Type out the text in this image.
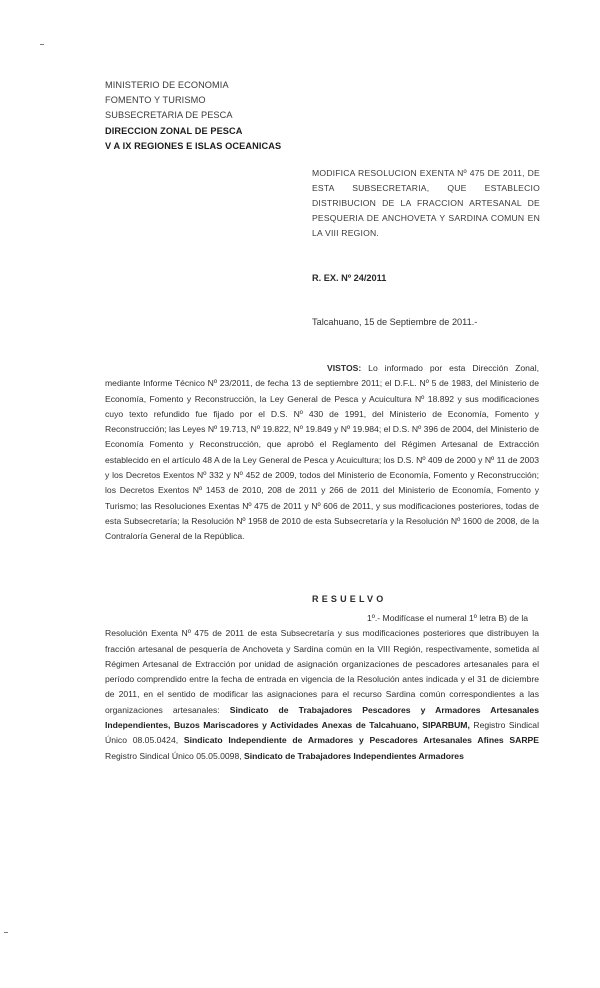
MINISTERIO DE ECONOMIA
FOMENTO Y TURISMO
SUBSECRETARIA DE PESCA
DIRECCION ZONAL DE PESCA
V A IX REGIONES E ISLAS OCEANICAS
MODIFICA RESOLUCION EXENTA Nº 475 DE 2011, DE ESTA SUBSECRETARIA, QUE ESTABLECIO DISTRIBUCION DE LA FRACCION ARTESANAL DE PESQUERIA DE ANCHOVETA Y SARDINA COMUN EN LA VIII REGION.
R. EX. Nº 24/2011
Talcahuano, 15 de Septiembre de 2011.-
VISTOS: Lo informado por esta Dirección Zonal, mediante Informe Técnico Nº 23/2011, de fecha 13 de septiembre 2011; el D.F.L. Nº 5 de 1983, del Ministerio de Economía, Fomento y Reconstrucción, la Ley General de Pesca y Acuicultura Nº 18.892 y sus modificaciones cuyo texto refundido fue fijado por el D.S. Nº 430 de 1991, del Ministerio de Economía, Fomento y Reconstrucción; las Leyes Nº 19.713, Nº 19.822, Nº 19.849 y Nº 19.984; el D.S. Nº 396 de 2004, del Ministerio de Economía Fomento y Reconstrucción, que aprobó el Reglamento del Régimen Artesanal de Extracción establecido en el artículo 48 A de la Ley General de Pesca y Acuicultura; los D.S. Nº 409 de 2000 y Nº 11 de 2003 y los Decretos Exentos Nº 332 y Nº 452 de 2009, todos del Ministerio de Economía, Fomento y Reconstrucción; los Decretos Exentos Nº 1453 de 2010, 208 de 2011 y 266 de 2011 del Ministerio de Economía, Fomento y Turismo; las Resoluciones Exentas Nº 475 de 2011 y Nº 606 de 2011, y sus modificaciones posteriores, todas de esta Subsecretaría; la Resolución Nº 1958 de 2010 de esta Subsecretaría y la Resolución Nº 1600 de 2008, de la Contraloría General de la República.
RESUELVO
1º.- Modifícase el numeral 1º letra B) de la
Resolución Exenta Nº 475 de 2011 de esta Subsecretaría y sus modificaciones posteriores que distribuyen la fracción artesanal de pesquería de Anchoveta y Sardina común en la VIII Región, respectivamente, sometida al Régimen Artesanal de Extracción por unidad de asignación organizaciones de pescadores artesanales para el período comprendido entre la fecha de entrada en vigencia de la Resolución antes indicada y el 31 de diciembre de 2011, en el sentido de modificar las asignaciones para el recurso Sardina común correspondientes a las organizaciones artesanales: Sindicato de Trabajadores Pescadores y Armadores Artesanales Independientes, Buzos Mariscadores y Actividades Anexas de Talcahuano, SIPARBUM, Registro Sindical Único 08.05.0424, Sindicato Independiente de Armadores y Pescadores Artesanales Afines SARPE Registro Sindical Único 05.05.0098, Sindicato de Trabajadores Independientes Armadores
